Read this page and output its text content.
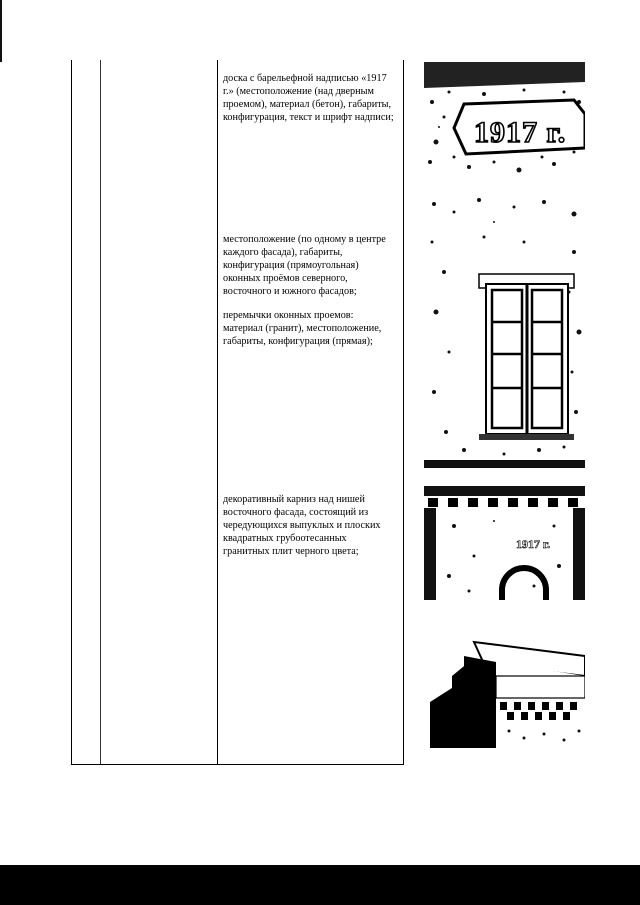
доска с барельефной надписью «1917 г.» (местоположение (над дверным проемом), материал (бетон), габариты, конфигурация, текст и шрифт надписи;

местоположение (по одному в центре каждого фасада), габариты, конфигурация (прямоугольная) оконных проёмов северного, восточного и южного фасадов;

перемычки оконных проемов: материал (гранит), местоположение, габариты, конфигурация (прямая);

декоративный карниз над нишей восточного фасада, состоящий из чередующихся выпуклых и плоских квадратных грубоотесанных гранитных плит черного цвета;

1917 г.
1917 г.
